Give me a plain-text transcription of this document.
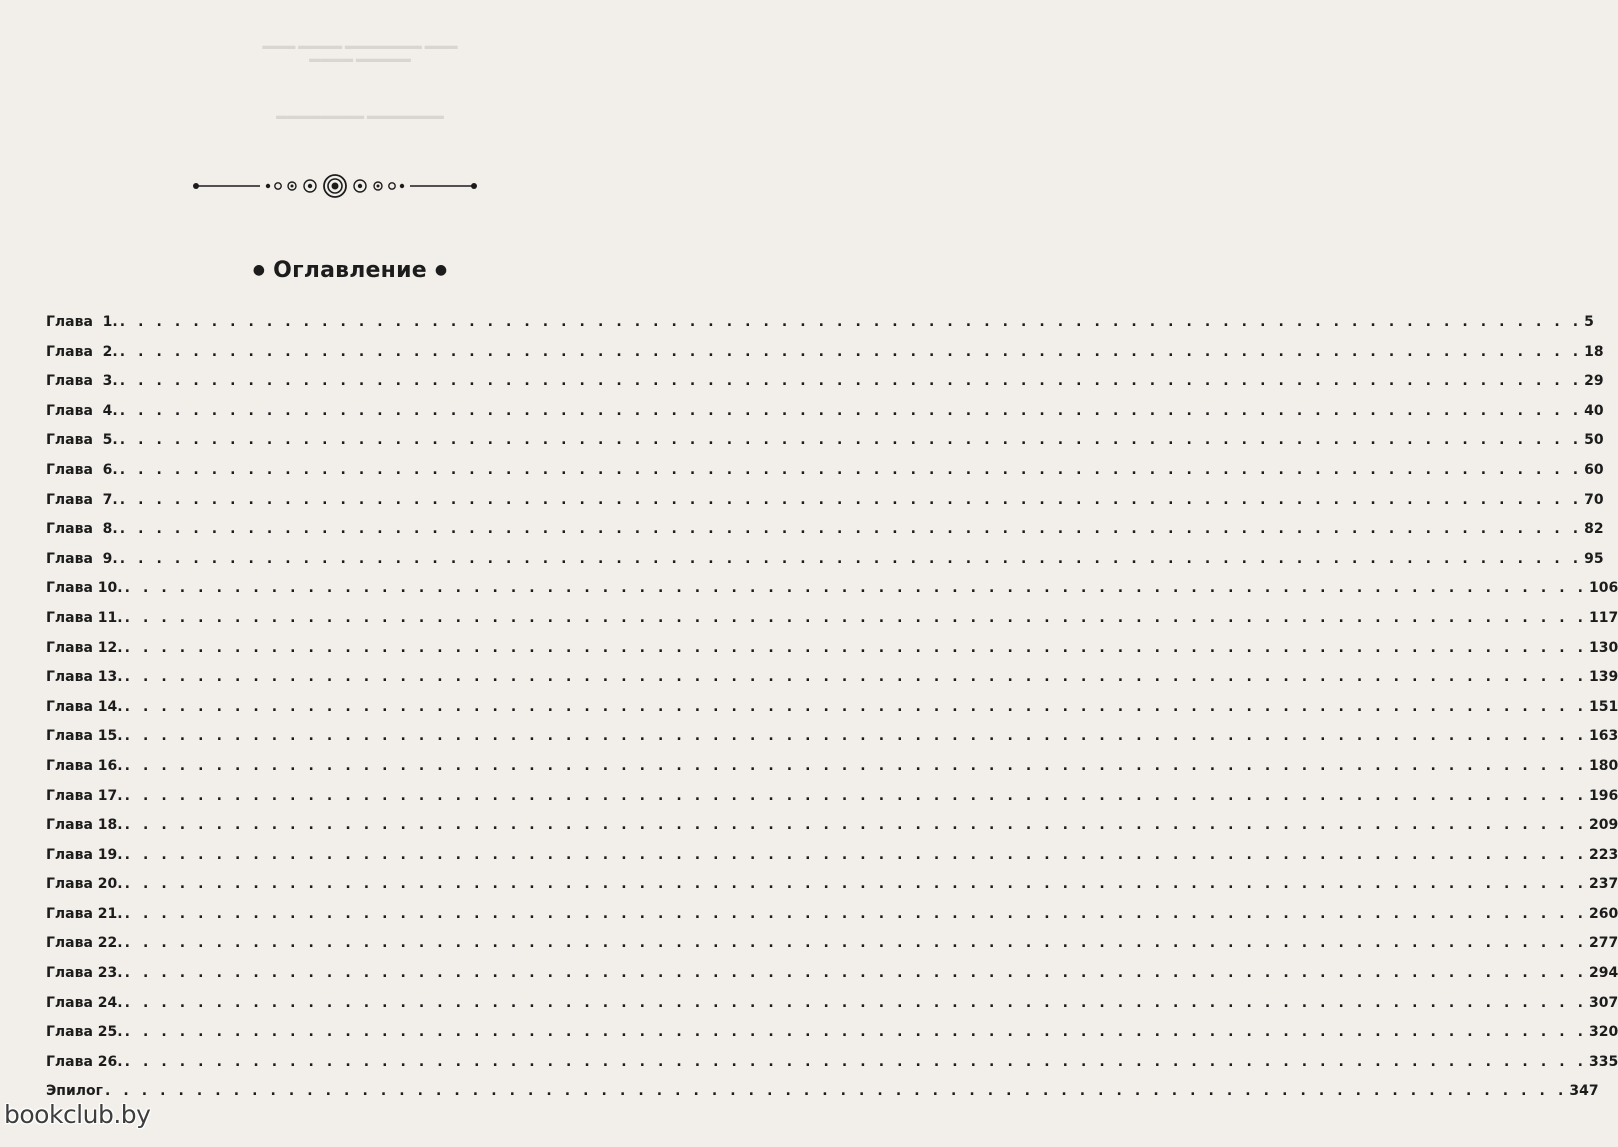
▬▬▬ ▬▬▬▬ ▬▬▬▬▬▬▬ ▬▬▬
▬▬▬▬ ▬▬▬▬▬
▬▬▬▬▬▬▬▬ ▬▬▬▬▬▬▬
● Оглавление ●
Глава  1. . . . . . . . . . . . . . . . . . . . . . . . . . . . . . . . . . . . . . . . . . . . . . . . . . . . . . . . . . . . . . . . . . . . . . . . . . . . . . . . . 5
Глава  2. . . . . . . . . . . . . . . . . . . . . . . . . . . . . . . . . . . . . . . . . . . . . . . . . . . . . . . . . . . . . . . . . . . . . . . . . . . . . . . . . 18
Глава  3. . . . . . . . . . . . . . . . . . . . . . . . . . . . . . . . . . . . . . . . . . . . . . . . . . . . . . . . . . . . . . . . . . . . . . . . . . . . . . . . . 29
Глава  4. . . . . . . . . . . . . . . . . . . . . . . . . . . . . . . . . . . . . . . . . . . . . . . . . . . . . . . . . . . . . . . . . . . . . . . . . . . . . . . . . 40
Глава  5. . . . . . . . . . . . . . . . . . . . . . . . . . . . . . . . . . . . . . . . . . . . . . . . . . . . . . . . . . . . . . . . . . . . . . . . . . . . . . . . . 50
Глава  6. . . . . . . . . . . . . . . . . . . . . . . . . . . . . . . . . . . . . . . . . . . . . . . . . . . . . . . . . . . . . . . . . . . . . . . . . . . . . . . . . 60
Глава  7. . . . . . . . . . . . . . . . . . . . . . . . . . . . . . . . . . . . . . . . . . . . . . . . . . . . . . . . . . . . . . . . . . . . . . . . . . . . . . . . . 70
Глава  8. . . . . . . . . . . . . . . . . . . . . . . . . . . . . . . . . . . . . . . . . . . . . . . . . . . . . . . . . . . . . . . . . . . . . . . . . . . . . . . . . 82
Глава  9. . . . . . . . . . . . . . . . . . . . . . . . . . . . . . . . . . . . . . . . . . . . . . . . . . . . . . . . . . . . . . . . . . . . . . . . . . . . . . . . . 95
Глава 10. . . . . . . . . . . . . . . . . . . . . . . . . . . . . . . . . . . . . . . . . . . . . . . . . . . . . . . . . . . . . . . . . . . . . . . . . . . . . . . . . 106
Глава 11. . . . . . . . . . . . . . . . . . . . . . . . . . . . . . . . . . . . . . . . . . . . . . . . . . . . . . . . . . . . . . . . . . . . . . . . . . . . . . . . . 117
Глава 12. . . . . . . . . . . . . . . . . . . . . . . . . . . . . . . . . . . . . . . . . . . . . . . . . . . . . . . . . . . . . . . . . . . . . . . . . . . . . . . . . 130
Глава 13. . . . . . . . . . . . . . . . . . . . . . . . . . . . . . . . . . . . . . . . . . . . . . . . . . . . . . . . . . . . . . . . . . . . . . . . . . . . . . . . . 139
Глава 14. . . . . . . . . . . . . . . . . . . . . . . . . . . . . . . . . . . . . . . . . . . . . . . . . . . . . . . . . . . . . . . . . . . . . . . . . . . . . . . . . 151
Глава 15. . . . . . . . . . . . . . . . . . . . . . . . . . . . . . . . . . . . . . . . . . . . . . . . . . . . . . . . . . . . . . . . . . . . . . . . . . . . . . . . . 163
Глава 16. . . . . . . . . . . . . . . . . . . . . . . . . . . . . . . . . . . . . . . . . . . . . . . . . . . . . . . . . . . . . . . . . . . . . . . . . . . . . . . . . 180
Глава 17. . . . . . . . . . . . . . . . . . . . . . . . . . . . . . . . . . . . . . . . . . . . . . . . . . . . . . . . . . . . . . . . . . . . . . . . . . . . . . . . . 196
Глава 18. . . . . . . . . . . . . . . . . . . . . . . . . . . . . . . . . . . . . . . . . . . . . . . . . . . . . . . . . . . . . . . . . . . . . . . . . . . . . . . . . 209
Глава 19. . . . . . . . . . . . . . . . . . . . . . . . . . . . . . . . . . . . . . . . . . . . . . . . . . . . . . . . . . . . . . . . . . . . . . . . . . . . . . . . . 223
Глава 20. . . . . . . . . . . . . . . . . . . . . . . . . . . . . . . . . . . . . . . . . . . . . . . . . . . . . . . . . . . . . . . . . . . . . . . . . . . . . . . . . 237
Глава 21. . . . . . . . . . . . . . . . . . . . . . . . . . . . . . . . . . . . . . . . . . . . . . . . . . . . . . . . . . . . . . . . . . . . . . . . . . . . . . . . . 260
Глава 22. . . . . . . . . . . . . . . . . . . . . . . . . . . . . . . . . . . . . . . . . . . . . . . . . . . . . . . . . . . . . . . . . . . . . . . . . . . . . . . . . 277
Глава 23. . . . . . . . . . . . . . . . . . . . . . . . . . . . . . . . . . . . . . . . . . . . . . . . . . . . . . . . . . . . . . . . . . . . . . . . . . . . . . . . . 294
Глава 24. . . . . . . . . . . . . . . . . . . . . . . . . . . . . . . . . . . . . . . . . . . . . . . . . . . . . . . . . . . . . . . . . . . . . . . . . . . . . . . . . 307
Глава 25. . . . . . . . . . . . . . . . . . . . . . . . . . . . . . . . . . . . . . . . . . . . . . . . . . . . . . . . . . . . . . . . . . . . . . . . . . . . . . . . . 320
Глава 26. . . . . . . . . . . . . . . . . . . . . . . . . . . . . . . . . . . . . . . . . . . . . . . . . . . . . . . . . . . . . . . . . . . . . . . . . . . . . . . . . 335
Эпилог . . . . . . . . . . . . . . . . . . . . . . . . . . . . . . . . . . . . . . . . . . . . . . . . . . . . . . . . . . . . . . . . . . . . . . . . . . . . . . . . 347
bookclub.by
